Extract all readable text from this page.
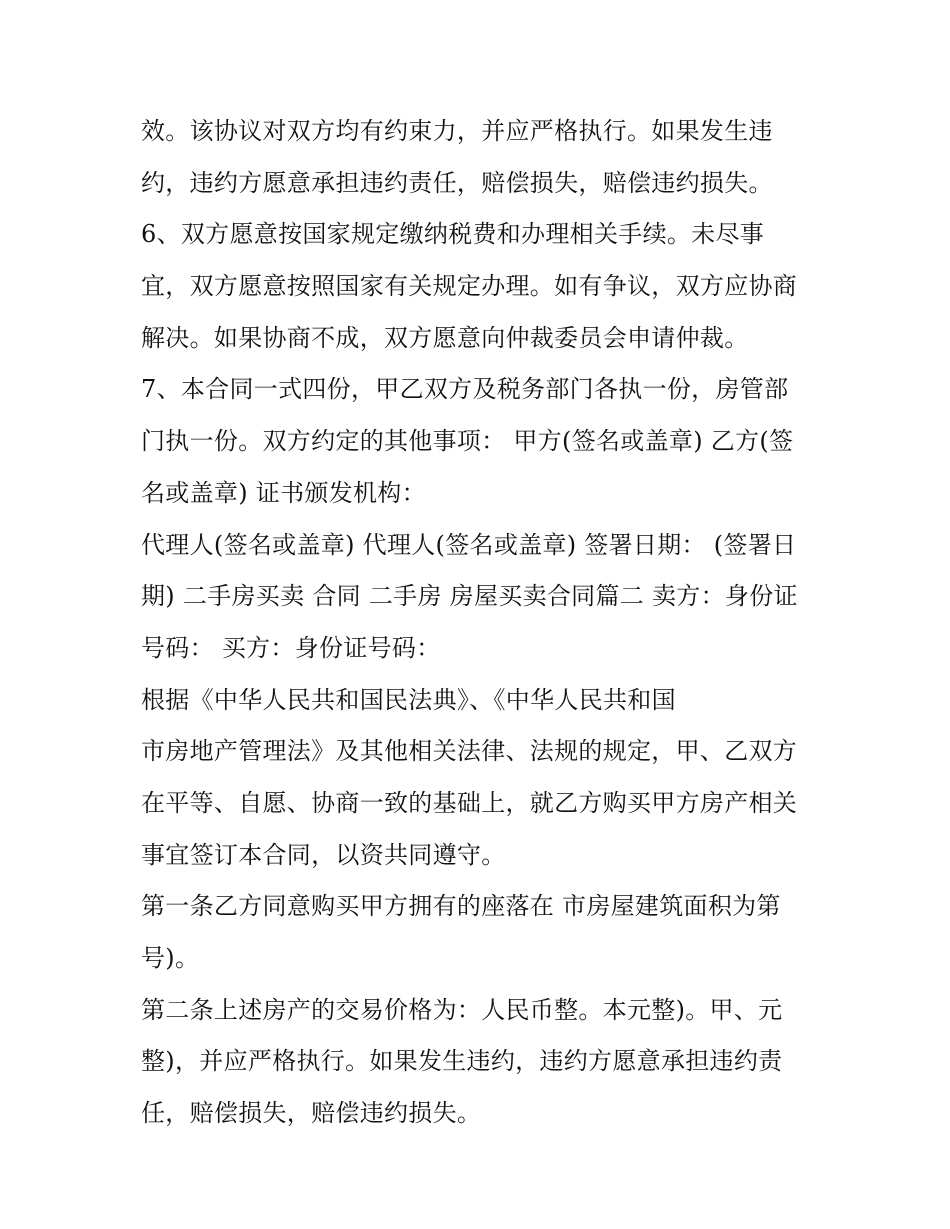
效。该协议对双方均有约束力，并应严格执行。如果发生违
约，违约方愿意承担违约责任，赔偿损失，赔偿违约损失。
6、双方愿意按国家规定缴纳税费和办理相关手续。未尽事
宜，双方愿意按照国家有关规定办理。如有争议，双方应协商
解决。如果协商不成，双方愿意向仲裁委员会申请仲裁。
7、本合同一式四份，甲乙双方及税务部门各执一份，房管部
门执一份。双方约定的其他事项： 甲方(签名或盖章) 乙方(签
名或盖章) 证书颁发机构：
代理人(签名或盖章) 代理人(签名或盖章) 签署日期： (签署日
期) 二手房买卖 合同 二手房 房屋买卖合同篇二 卖方：身份证
号码： 买方：身份证号码：
根据《中华人民共和国民法典》、《中华人民共和国
市房地产管理法》及其他相关法律、法规的规定，甲、乙双方
在平等、自愿、协商一致的基础上，就乙方购买甲方房产相关
事宜签订本合同，以资共同遵守。
第一条乙方同意购买甲方拥有的座落在 市房屋建筑面积为第
号)。
第二条上述房产的交易价格为：人民币整。本元整)。甲、元
整)，并应严格执行。如果发生违约，违约方愿意承担违约责
任，赔偿损失，赔偿违约损失。
